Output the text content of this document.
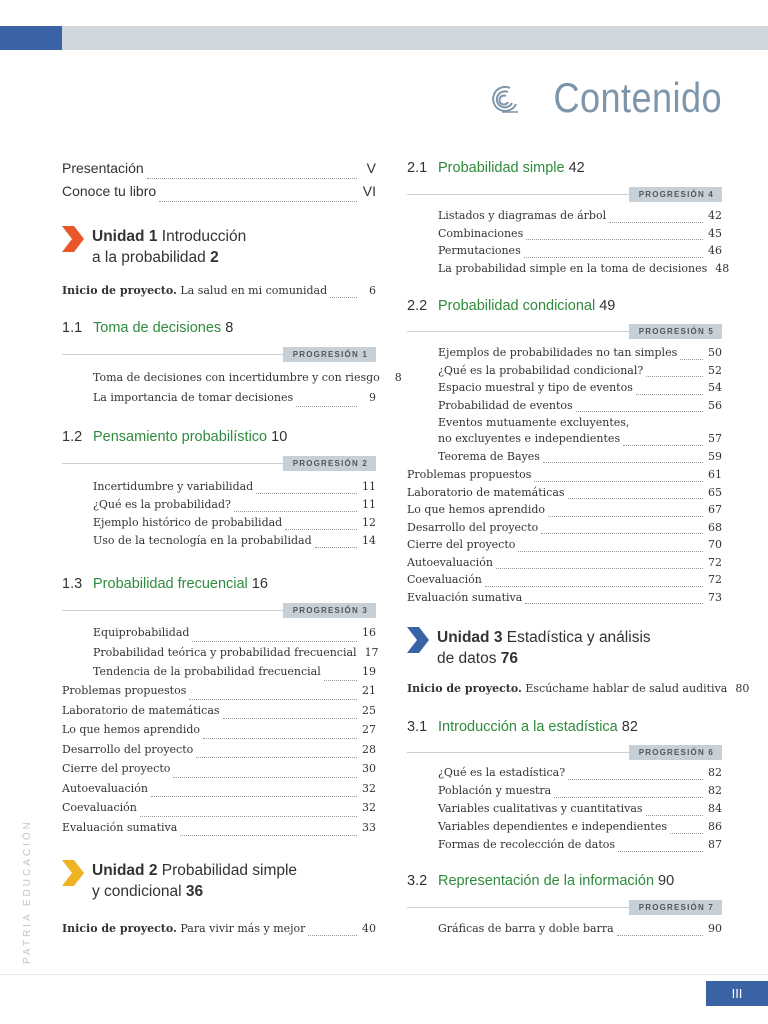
Contenido
PATRIA EDUCACIÓN
Presentación	V
Conoce tu libro	VI
Unidad 1 Introducción
a la probabilidad 2
Inicio de proyecto. La salud en mi comunidad	6
1.1 Toma de decisiones 8
PROGRESIÓN 1
Toma de decisiones con incertidumbre y con riesgo	8
La importancia de tomar decisiones	9
1.2 Pensamiento probabilístico 10
PROGRESIÓN 2
Incertidumbre y variabilidad	11
¿Qué es la probabilidad?	11
Ejemplo histórico de probabilidad	12
Uso de la tecnología en la probabilidad	14
1.3 Probabilidad frecuencial 16
PROGRESIÓN 3
Equiprobabilidad	16
Probabilidad teórica y probabilidad frecuencial 17
Tendencia de la probabilidad frecuencial	19
Problemas propuestos	21
Laboratorio de matemáticas	25
Lo que hemos aprendido	27
Desarrollo del proyecto	28
Cierre del proyecto	30
Autoevaluación	32
Coevaluación	32
Evaluación sumativa	33
Unidad 2 Probabilidad simple
y condicional 36
Inicio de proyecto. Para vivir más y mejor	40
2.1 Probabilidad simple 42
PROGRESIÓN 4
Listados y diagramas de árbol	42
Combinaciones	45
Permutaciones	46
La probabilidad simple en la toma de decisiones 48
2.2 Probabilidad condicional 49
PROGRESIÓN 5
Ejemplos de probabilidades no tan simples	50
¿Qué es la probabilidad condicional?	52
Espacio muestral y tipo de eventos	54
Probabilidad de eventos	56
Eventos mutuamente excluyentes,
no excluyentes e independientes	57
Teorema de Bayes	59
Problemas propuestos	61
Laboratorio de matemáticas	65
Lo que hemos aprendido	67
Desarrollo del proyecto	68
Cierre del proyecto	70
Autoevaluación	72
Coevaluación	72
Evaluación sumativa	73
Unidad 3 Estadística y análisis
de datos 76
Inicio de proyecto. Escúchame hablar de salud auditiva 80
3.1 Introducción a la estadística 82
PROGRESIÓN 6
¿Qué es la estadística?	82
Población y muestra	82
Variables cualitativas y cuantitativas	84
Variables dependientes e independientes	86
Formas de recolección de datos	87
3.2 Representación de la información 90
PROGRESIÓN 7
Gráficas de barra y doble barra	90
III
